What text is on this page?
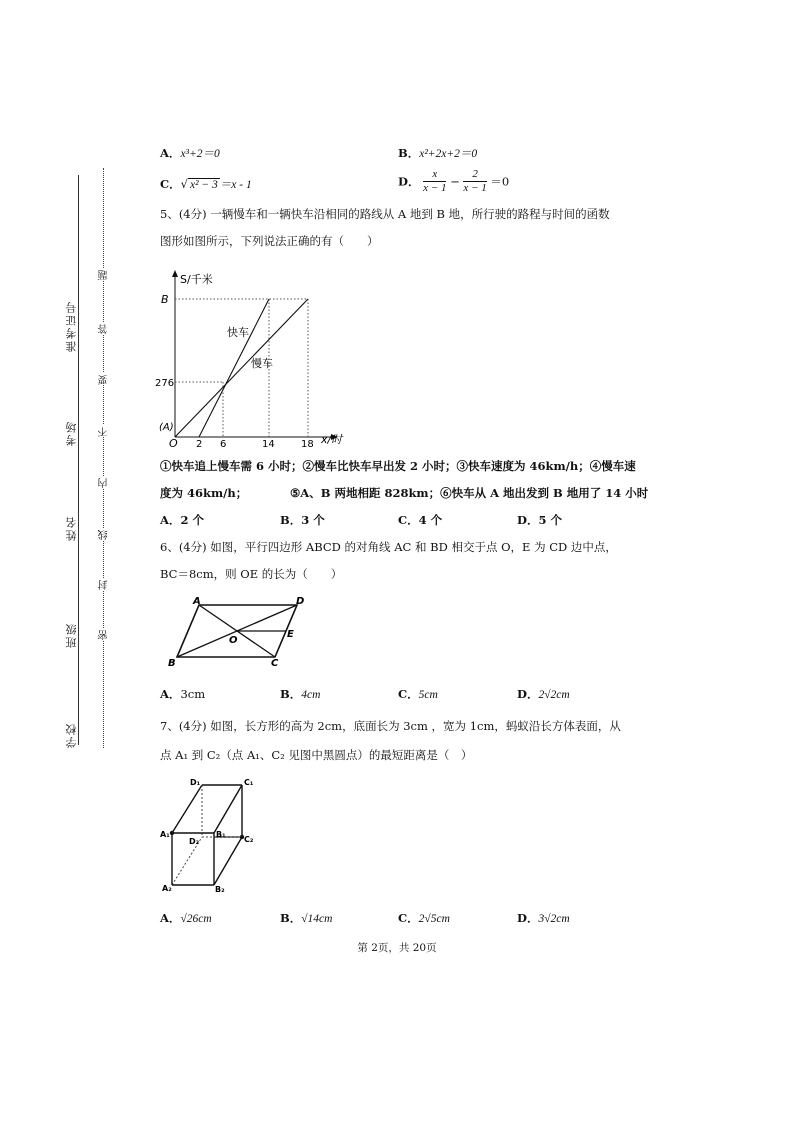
准考证号
考场
姓名
班级
学校
题
答
要
不
内
线
封
密
A．x³+2＝0	B．x²+2x+2＝0
C．√ x² − 3 ＝x - 1	D． $\frac{x}{x - 1} - \frac{2}{x - 1} =0$
5、(4分) 一辆慢车和一辆快车沿相同的路线从 A 地到 B 地，所行驶的路程与时间的函数
图形如图所示，下列说法正确的有（　　）
S/千米
B
276
(A)
O 2 6	14	18 x/时
快车
慢车
①快车追上慢车需 6 小时；②慢车比快车早出发 2 小时；③快车速度为 46km/h；④慢车速
度为 46km/h；	⑤A、B 两地相距 828km；⑥快车从 A 地出发到 B 地用了 14 小时
A．2 个	B．3 个	C．4 个	D．5 个
6、(4分) 如图，平行四边形 ABCD 的对角线 AC 和 BD 相交于点 O，E 为 CD 边中点，
BC＝8cm，则 OE 的长为（　　）
A	D
B	C
O
E
A．3cm	B．4cm	C．5cm	D．2√2cm
7、(4分) 如图，长方形的高为 2cm，底面长为 3cm ，宽为 1cm，蚂蚁沿长方体表面，从
点 A₁ 到 C₂（点 A₁、C₂ 见图中黑圆点）的最短距离是（　）
D₁	C₁
A₁
D₂
B₁
C₂
A₂	B₂
A．√26cm	B．√14cm	C．2√5cm	D．3√2cm
第 2页，共 20页
